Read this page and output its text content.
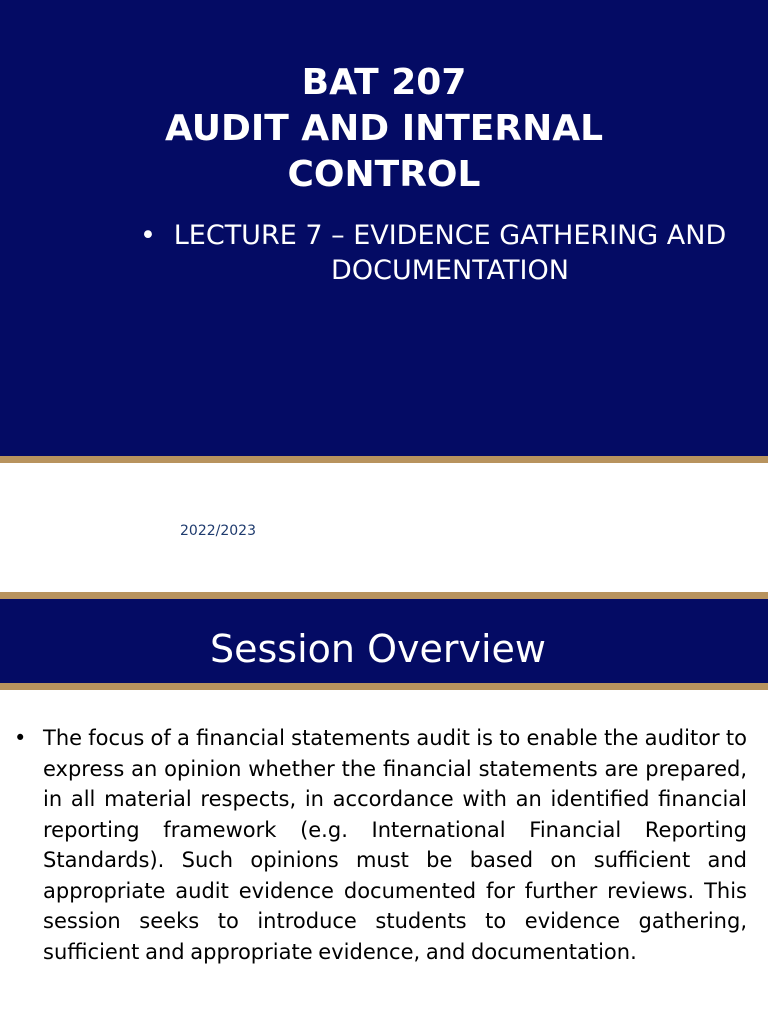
BAT 207
AUDIT AND INTERNAL
CONTROL
• LECTURE 7 – EVIDENCE GATHERING AND DOCUMENTATION
2022/2023
Session Overview
• The focus of a financial statements audit is to enable the auditor to express an opinion whether the financial statements are prepared, in all material respects, in accordance with an identified financial reporting framework (e.g. International Financial Reporting Standards). Such opinions must be based on sufficient and appropriate audit evidence documented for further reviews. This session seeks to introduce students to evidence gathering, sufficient and appropriate evidence, and documentation.
